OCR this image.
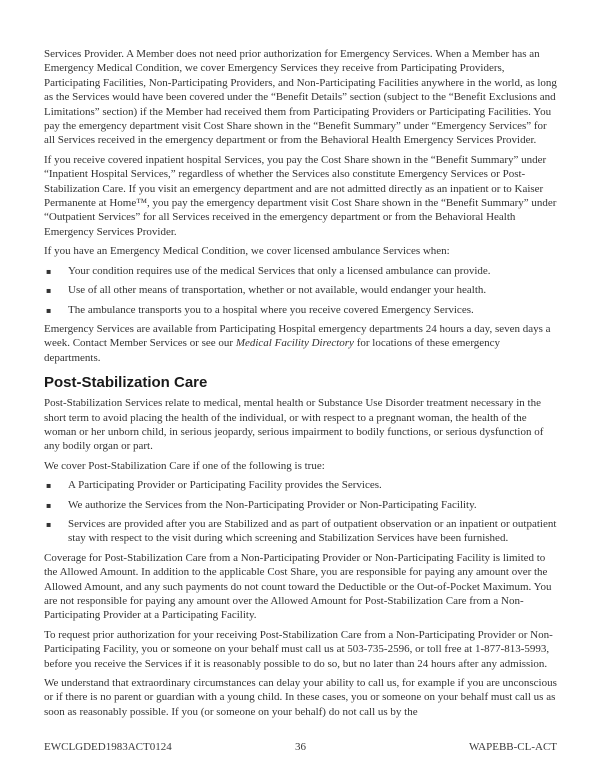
Services Provider. A Member does not need prior authorization for Emergency Services. When a Member has an Emergency Medical Condition, we cover Emergency Services they receive from Participating Providers, Participating Facilities, Non-Participating Providers, and Non-Participating Facilities anywhere in the world, as long as the Services would have been covered under the “Benefit Details” section (subject to the “Benefit Exclusions and Limitations” section) if the Member had received them from Participating Providers or Participating Facilities. You pay the emergency department visit Cost Share shown in the “Benefit Summary” under “Emergency Services” for all Services received in the emergency department or from the Behavioral Health Emergency Services Provider.

If you receive covered inpatient hospital Services, you pay the Cost Share shown in the “Benefit Summary” under “Inpatient Hospital Services,” regardless of whether the Services also constitute Emergency Services or Post-Stabilization Care. If you visit an emergency department and are not admitted directly as an inpatient or to Kaiser Permanente at Home™, you pay the emergency department visit Cost Share shown in the “Benefit Summary” under “Outpatient Services” for all Services received in the emergency department or from the Behavioral Health Emergency Services Provider.

If you have an Emergency Medical Condition, we cover licensed ambulance Services when:

▪ Your condition requires use of the medical Services that only a licensed ambulance can provide.
▪ Use of all other means of transportation, whether or not available, would endanger your health.
▪ The ambulance transports you to a hospital where you receive covered Emergency Services.

Emergency Services are available from Participating Hospital emergency departments 24 hours a day, seven days a week. Contact Member Services or see our Medical Facility Directory for locations of these emergency departments.

Post-Stabilization Care

Post-Stabilization Services relate to medical, mental health or Substance Use Disorder treatment necessary in the short term to avoid placing the health of the individual, or with respect to a pregnant woman, the health of the woman or her unborn child, in serious jeopardy, serious impairment to bodily functions, or serious dysfunction of any bodily organ or part.

We cover Post-Stabilization Care if one of the following is true:

▪ A Participating Provider or Participating Facility provides the Services.
▪ We authorize the Services from the Non-Participating Provider or Non-Participating Facility.
▪ Services are provided after you are Stabilized and as part of outpatient observation or an inpatient or outpatient stay with respect to the visit during which screening and Stabilization Services have been furnished.

Coverage for Post-Stabilization Care from a Non-Participating Provider or Non-Participating Facility is limited to the Allowed Amount. In addition to the applicable Cost Share, you are responsible for paying any amount over the Allowed Amount, and any such payments do not count toward the Deductible or the Out-of-Pocket Maximum. You are not responsible for paying any amount over the Allowed Amount for Post-Stabilization Care from a Non-Participating Provider at a Participating Facility.

To request prior authorization for your receiving Post-Stabilization Care from a Non-Participating Provider or Non-Participating Facility, you or someone on your behalf must call us at 503-735-2596, or toll free at 1-877-813-5993, before you receive the Services if it is reasonably possible to do so, but no later than 24 hours after any admission.

We understand that extraordinary circumstances can delay your ability to call us, for example if you are unconscious or if there is no parent or guardian with a young child. In these cases, you or someone on your behalf must call us as soon as reasonably possible. If you (or someone on your behalf) do not call us by the

EWCLGDED1983ACT0124	36	WAPEBB-CL-ACT
